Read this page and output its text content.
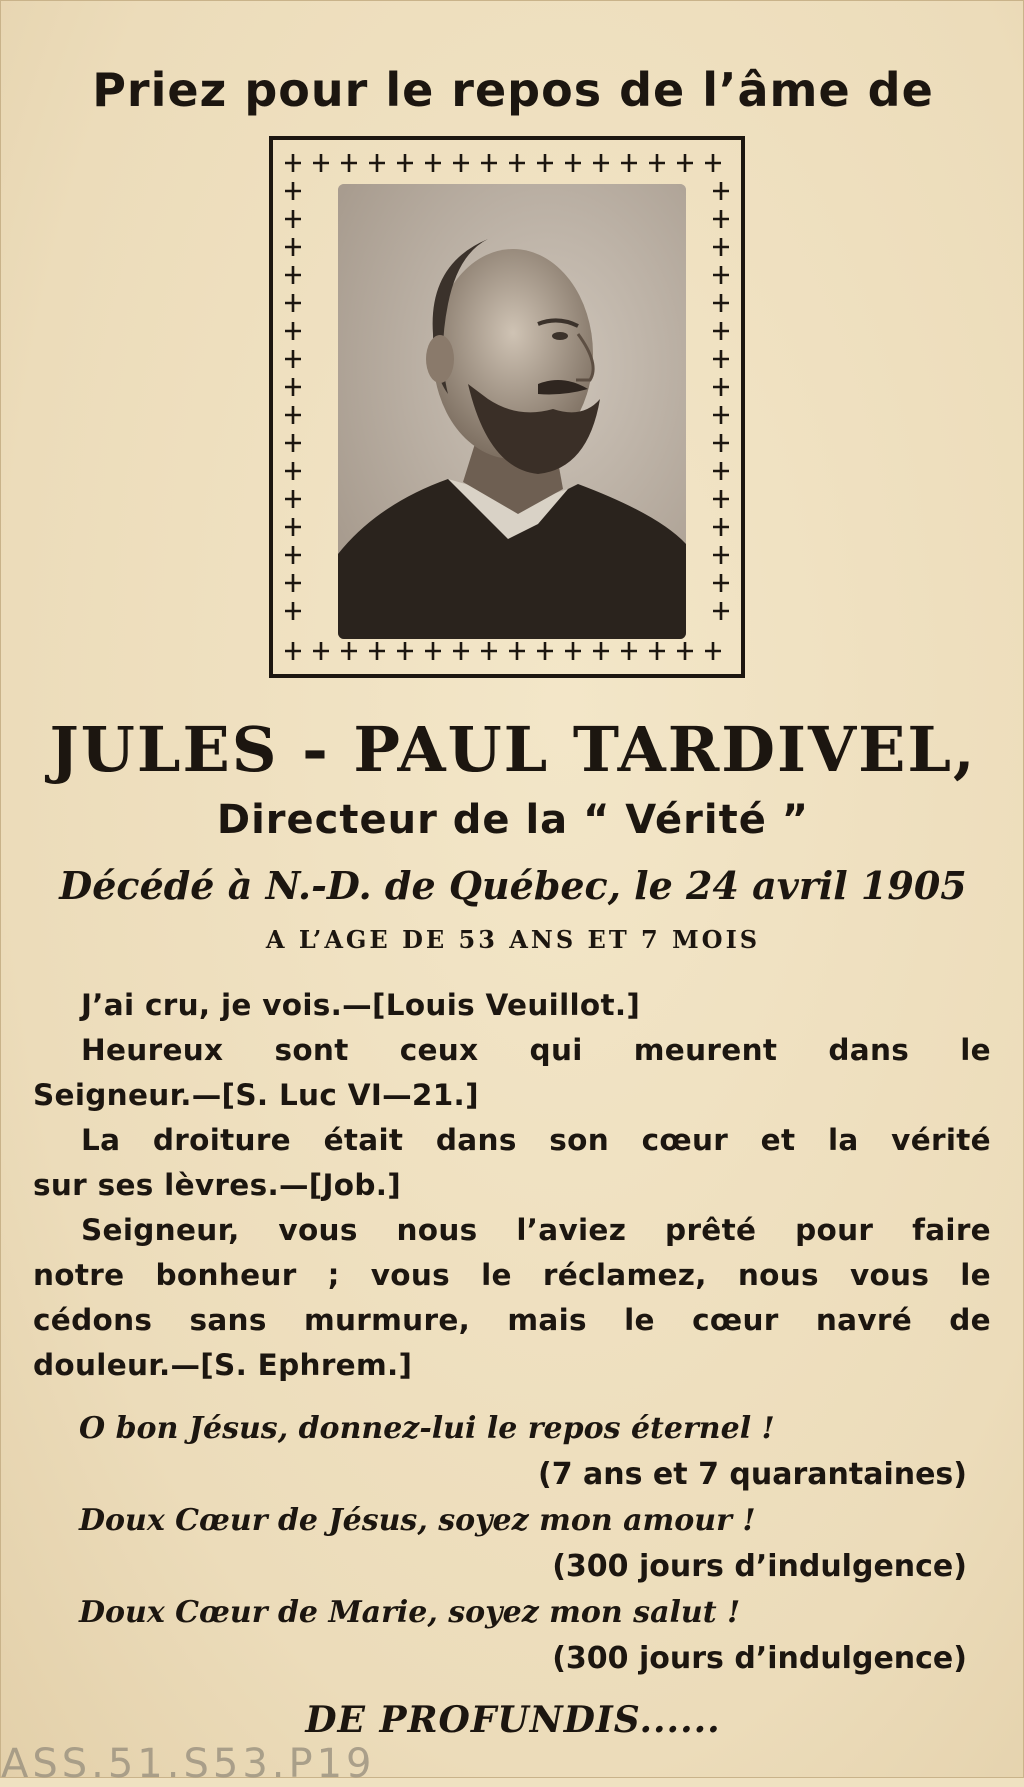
Priez pour le repos de l’âme de
JULES - PAUL TARDIVEL,
Directeur de la “ Vérité ”
Décédé à N.-D. de Québec, le 24 avril 1905
A L’AGE DE 53 ANS ET 7 MOIS
J’ai cru, je vois.—[Louis Veuillot.]
Heureux sont ceux qui meurent dans le
Seigneur.—[S. Luc VI—21.]
La droiture était dans son cœur et la vérité
sur ses lèvres.—[Job.]
Seigneur, vous nous l’aviez prêté pour faire
notre bonheur ; vous le réclamez, nous vous le
cédons sans murmure, mais le cœur navré de
douleur.—[S. Ephrem.]
O bon Jésus, donnez-lui le repos éternel !
(7 ans et 7 quarantaines)
Doux Cœur de Jésus, soyez mon amour !
(300 jours d’indulgence)
Doux Cœur de Marie, soyez mon salut !
(300 jours d’indulgence)
DE PROFUNDIS......
ASS.51.S53.P19
